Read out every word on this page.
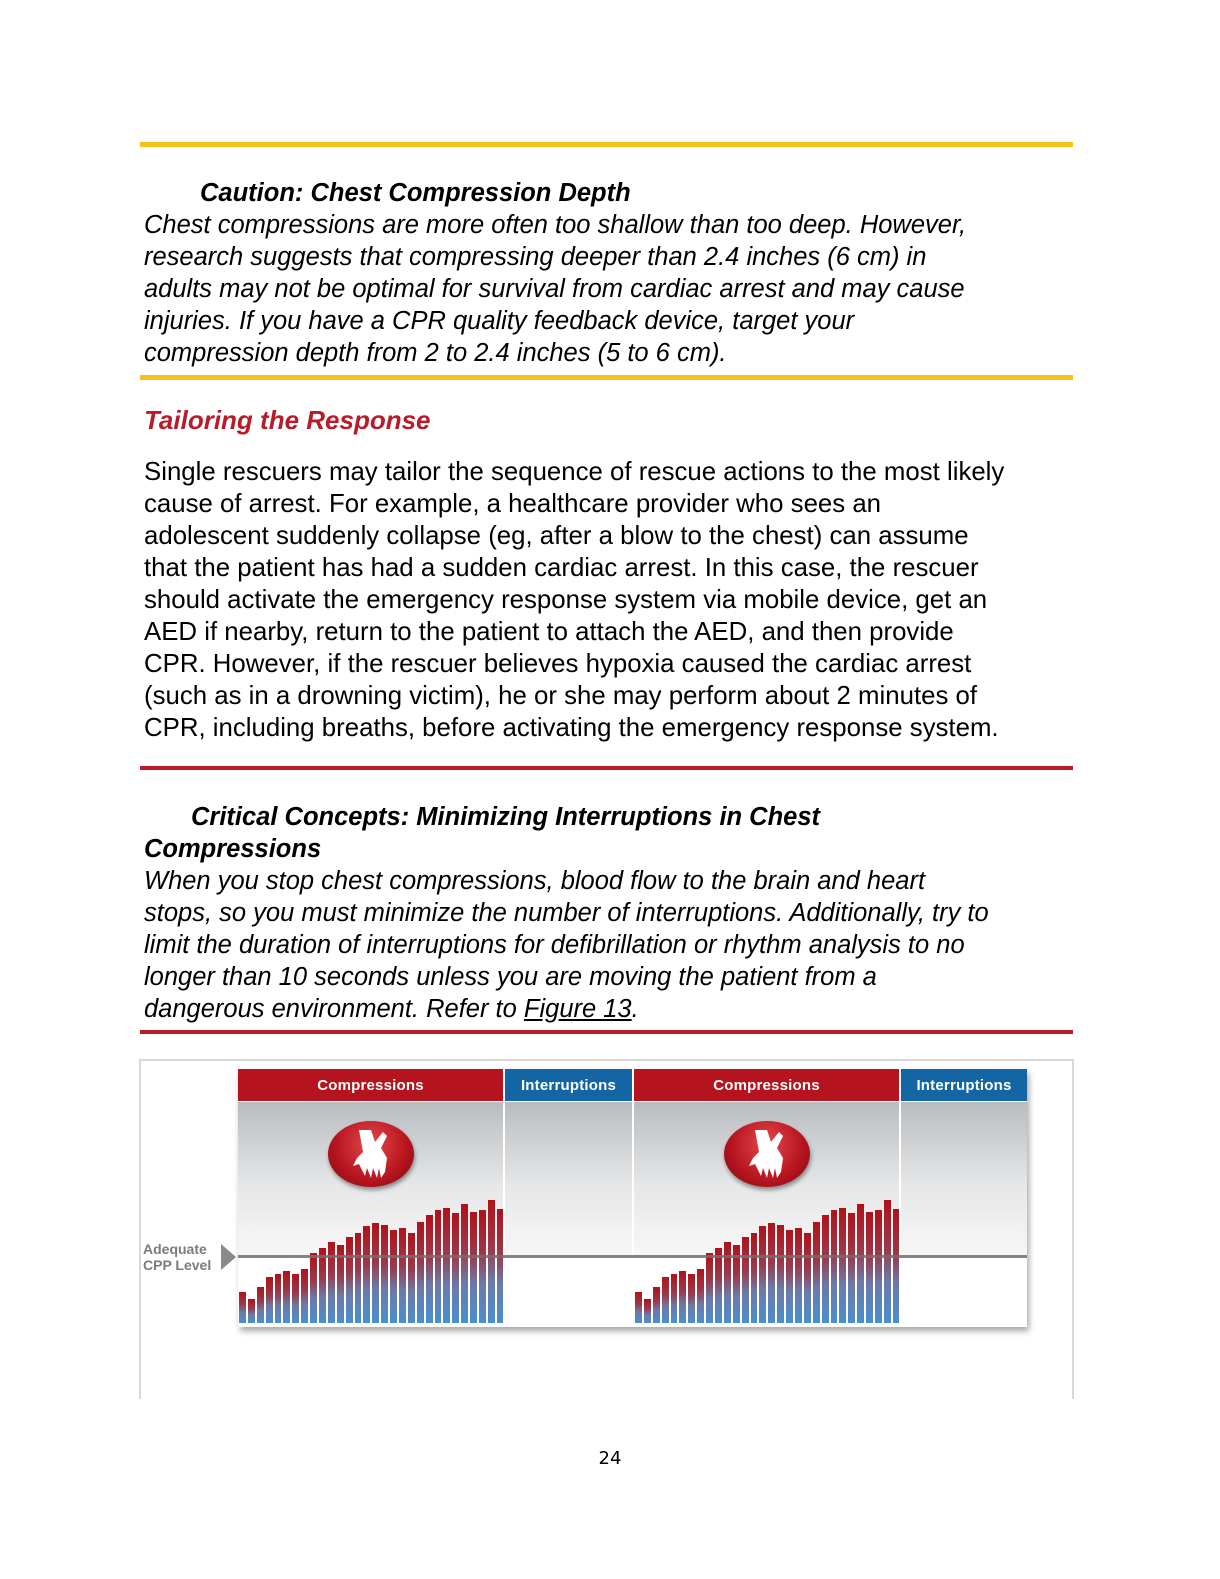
Caution: Chest Compression Depth
Chest compressions are more often too shallow than too deep. However,
research suggests that compressing deeper than 2.4 inches (6 cm) in
adults may not be optimal for survival from cardiac arrest and may cause
injuries. If you have a CPR quality feedback device, target your
compression depth from 2 to 2.4 inches (5 to 6 cm).
Tailoring the Response
Single rescuers may tailor the sequence of rescue actions to the most likely
cause of arrest. For example, a healthcare provider who sees an
adolescent suddenly collapse (eg, after a blow to the chest) can assume
that the patient has had a sudden cardiac arrest. In this case, the rescuer
should activate the emergency response system via mobile device, get an
AED if nearby, return to the patient to attach the AED, and then provide
CPR. However, if the rescuer believes hypoxia caused the cardiac arrest
(such as in a drowning victim), he or she may perform about 2 minutes of
CPR, including breaths, before activating the emergency response system.
Critical Concepts: Minimizing Interruptions in Chest
Compressions
When you stop chest compressions, blood flow to the brain and heart
stops, so you must minimize the number of interruptions. Additionally, try to
limit the duration of interruptions for defibrillation or rhythm analysis to no
longer than 10 seconds unless you are moving the patient from a
dangerous environment. Refer to Figure 13.
Adequate
CPP Level
Compressions	Interruptions	Compressions	Interruptions
24
